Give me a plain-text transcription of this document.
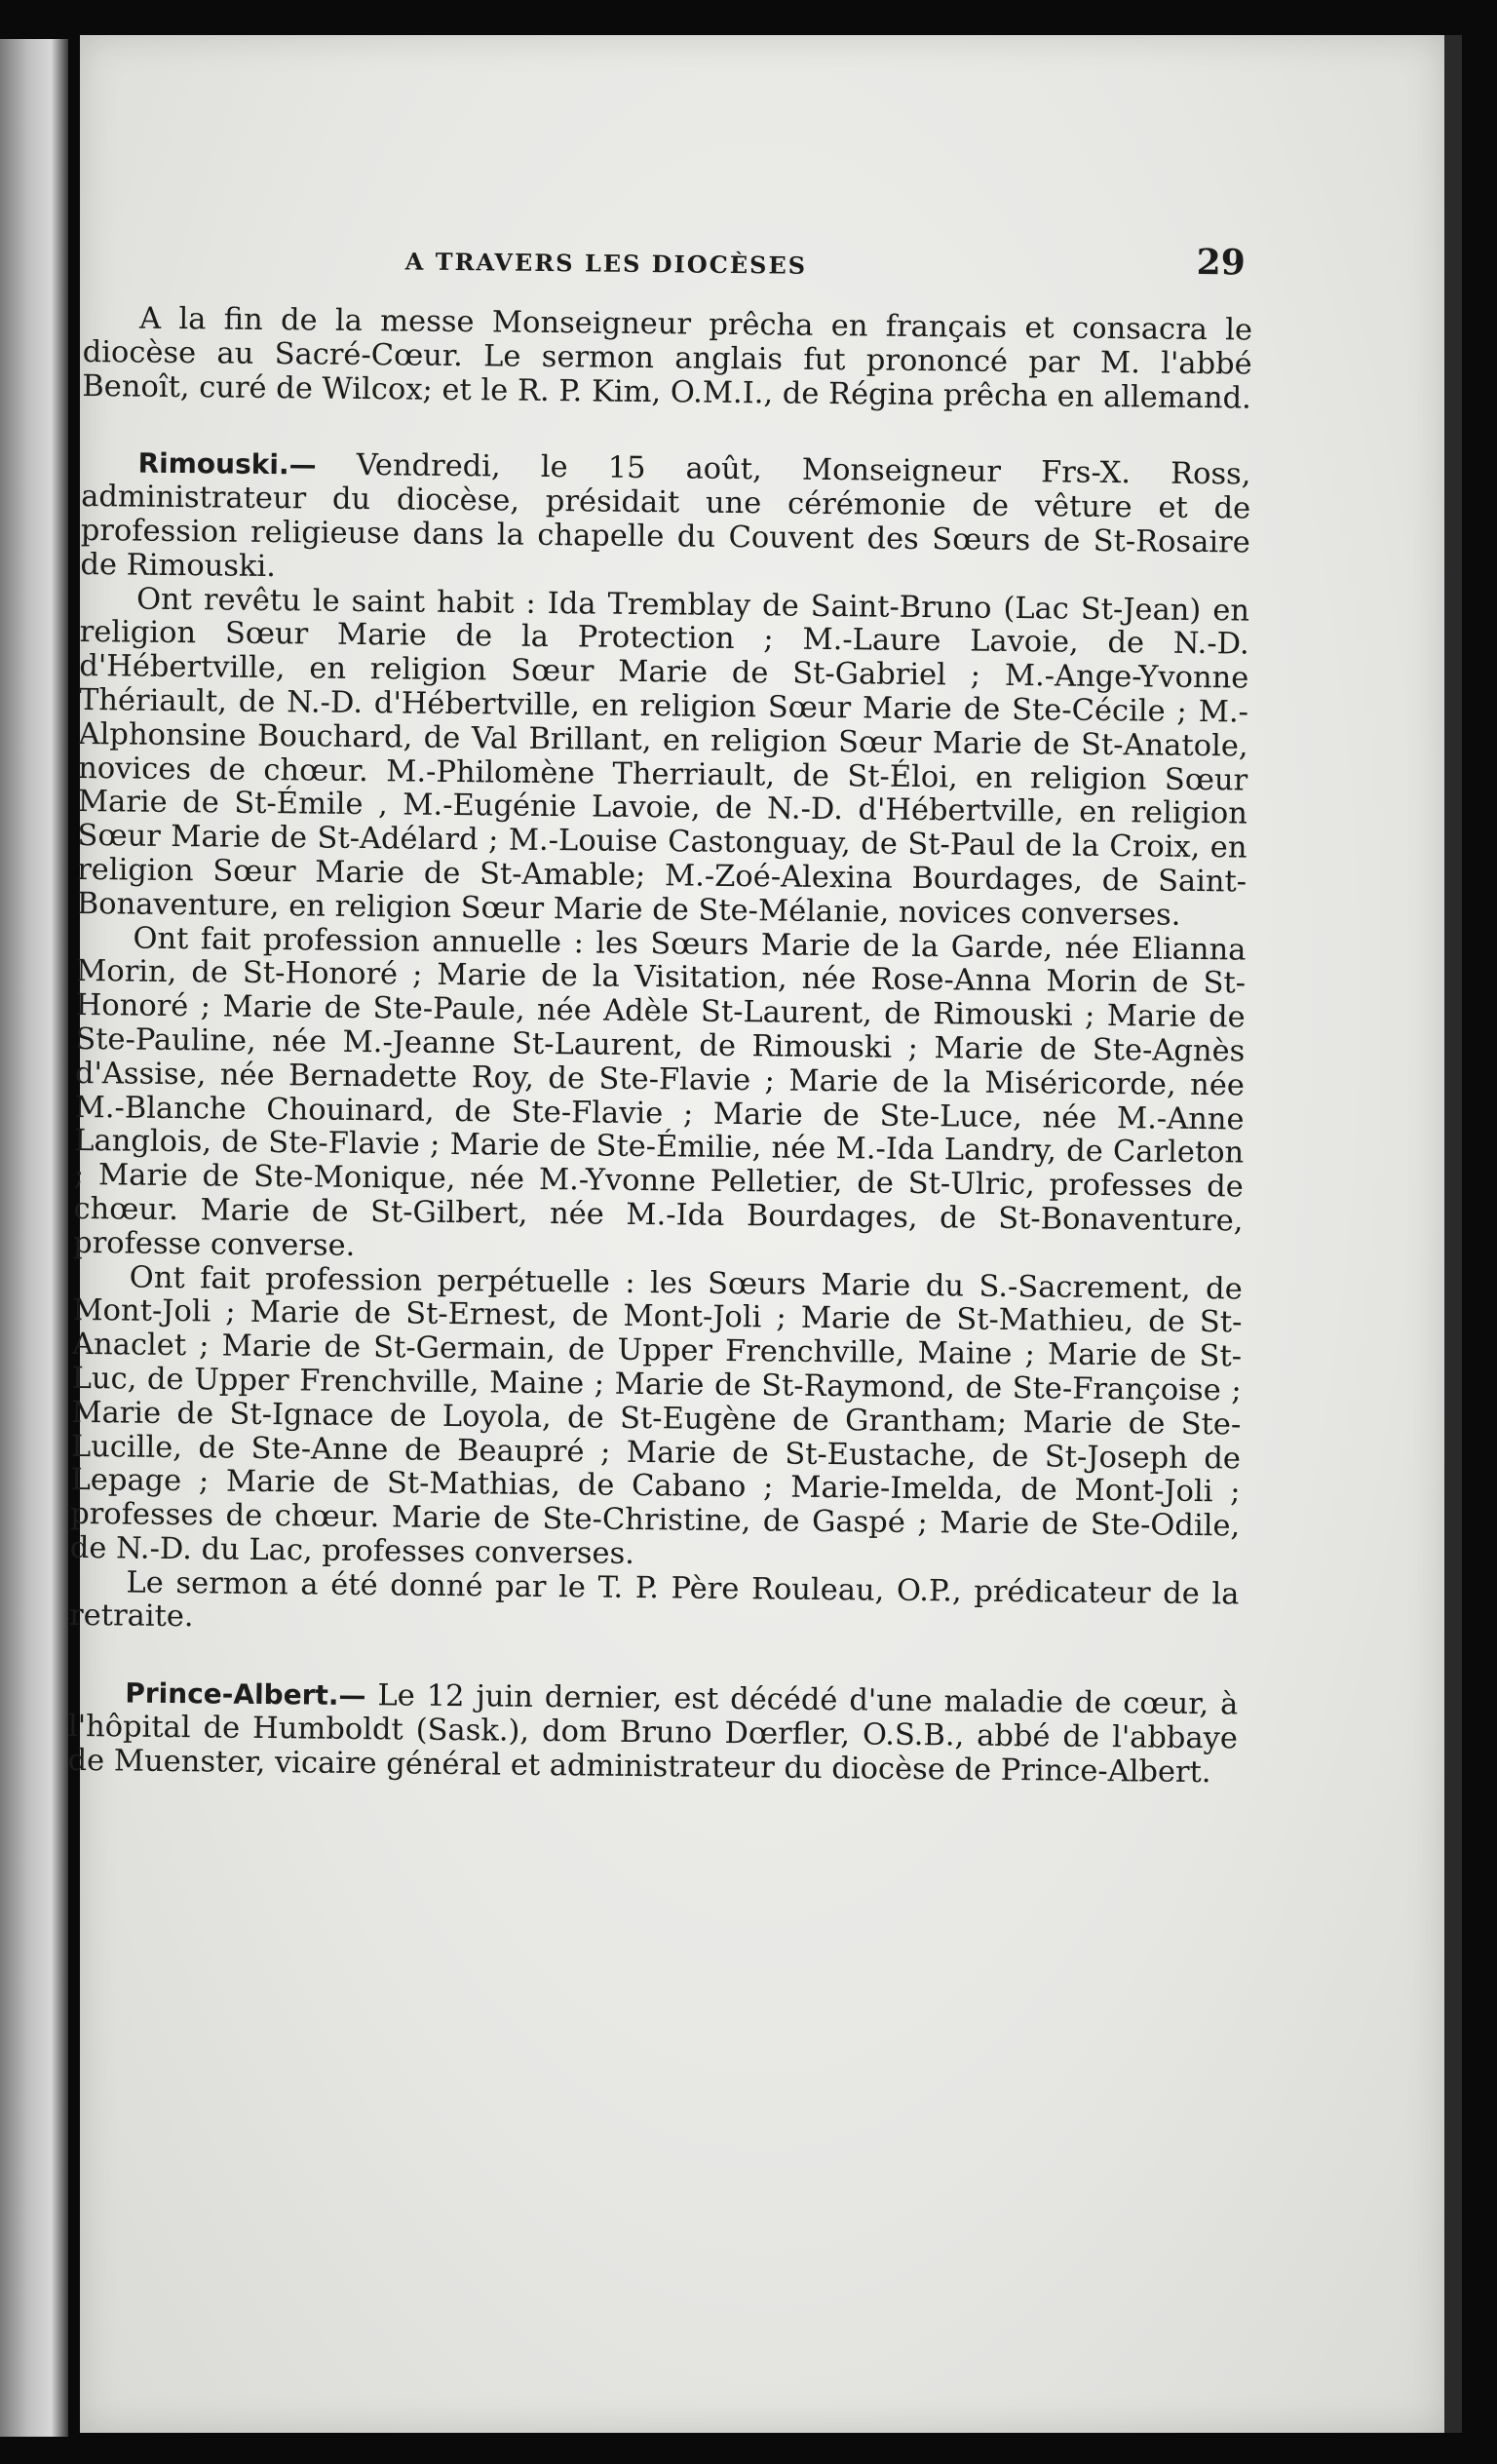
A TRAVERS LES DIOCÈSES	29

A la fin de la messe Monseigneur prêcha en français et consacra le diocèse au Sacré-Cœur. Le sermon anglais fut prononcé par M. l'abbé Benoît, curé de Wilcox; et le R. P. Kim, O.M.I., de Régina prêcha en allemand.

Rimouski.— Vendredi, le 15 août, Monseigneur Frs-X. Ross, administrateur du diocèse, présidait une cérémonie de vêture et de profession religieuse dans la chapelle du Couvent des Sœurs de St-Rosaire de Rimouski.

Ont revêtu le saint habit : Ida Tremblay de Saint-Bruno (Lac St-Jean) en religion Sœur Marie de la Protection ; M.-Laure Lavoie, de N.-D. d'Hébertville, en religion Sœur Marie de St-Gabriel ; M.-Ange-Yvonne Thériault, de N.-D. d'Hébertville, en religion Sœur Marie de Ste-Cécile ; M.-Alphonsine Bouchard, de Val Brillant, en religion Sœur Marie de St-Anatole, novices de chœur. M.-Philomène Therriault, de St-Éloi, en religion Sœur Marie de St-Émile , M.-Eugénie Lavoie, de N.-D. d'Hébertville, en religion Sœur Marie de St-Adélard ; M.-Louise Castonguay, de St-Paul de la Croix, en religion Sœur Marie de St-Amable; M.-Zoé-Alexina Bourdages, de Saint-Bonaventure, en religion Sœur Marie de Ste-Mélanie, novices converses.

Ont fait profession annuelle : les Sœurs Marie de la Garde, née Elianna Morin, de St-Honoré ; Marie de la Visitation, née Rose-Anna Morin de St-Honoré ; Marie de Ste-Paule, née Adèle St-Laurent, de Rimouski ; Marie de Ste-Pauline, née M.-Jeanne St-Laurent, de Rimouski ; Marie de Ste-Agnès d'Assise, née Bernadette Roy, de Ste-Flavie ; Marie de la Miséricorde, née M.-Blanche Chouinard, de Ste-Flavie ; Marie de Ste-Luce, née M.-Anne Langlois, de Ste-Flavie ; Marie de Ste-Émilie, née M.-Ida Landry, de Carleton ; Marie de Ste-Monique, née M.-Yvonne Pelletier, de St-Ulric, professes de chœur. Marie de St-Gilbert, née M.-Ida Bourdages, de St-Bonaventure, professe converse.

Ont fait profession perpétuelle : les Sœurs Marie du S.-Sacrement, de Mont-Joli ; Marie de St-Ernest, de Mont-Joli ; Marie de St-Mathieu, de St-Anaclet ; Marie de St-Germain, de Upper Frenchville, Maine ; Marie de St-Luc, de Upper Frenchville, Maine ; Marie de St-Raymond, de Ste-Françoise ; Marie de St-Ignace de Loyola, de St-Eugène de Grantham; Marie de Ste-Lucille, de Ste-Anne de Beaupré ; Marie de St-Eustache, de St-Joseph de Lepage ; Marie de St-Mathias, de Cabano ; Marie-Imelda, de Mont-Joli ; professes de chœur. Marie de Ste-Christine, de Gaspé ; Marie de Ste-Odile, de N.-D. du Lac, professes converses.

Le sermon a été donné par le T. P. Père Rouleau, O.P., prédicateur de la retraite.

Prince-Albert.— Le 12 juin dernier, est décédé d'une maladie de cœur, à l'hôpital de Humboldt (Sask.), dom Bruno Dœrfler, O.S.B., abbé de l'abbaye de Muenster, vicaire général et administrateur du diocèse de Prince-Albert.
